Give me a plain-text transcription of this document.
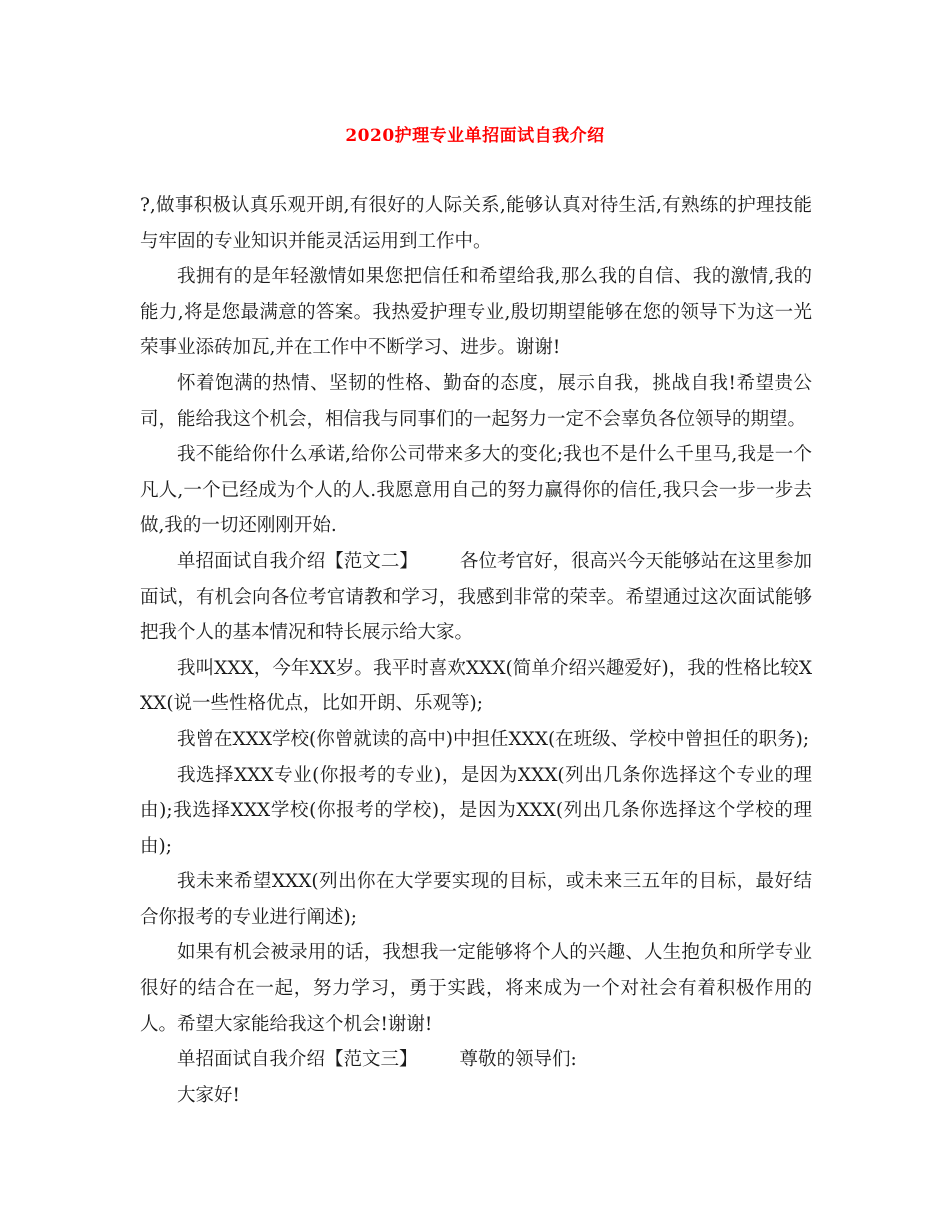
2020护理专业单招面试自我介绍

?,做事积极认真乐观开朗,有很好的人际关系,能够认真对待生活,有熟练的护理技能与牢固的专业知识并能灵活运用到工作中。

我拥有的是年轻激情如果您把信任和希望给我,那么我的自信、我的激情,我的能力,将是您最满意的答案。我热爱护理专业,殷切期望能够在您的领导下为这一光荣事业添砖加瓦,并在工作中不断学习、进步。谢谢!

怀着饱满的热情、坚韧的性格、勤奋的态度，展示自我，挑战自我!希望贵公司，能给我这个机会，相信我与同事们的一起努力一定不会辜负各位领导的期望。

我不能给你什么承诺,给你公司带来多大的变化;我也不是什么千里马,我是一个凡人,一个已经成为个人的人.我愿意用自己的努力赢得你的信任,我只会一步一步去做,我的一切还刚刚开始.

单招面试自我介绍【范文二】 各位考官好，很高兴今天能够站在这里参加面试，有机会向各位考官请教和学习，我感到非常的荣幸。希望通过这次面试能够把我个人的基本情况和特长展示给大家。

我叫XXX，今年XX岁。我平时喜欢XXX(简单介绍兴趣爱好)，我的性格比较XXX(说一些性格优点，比如开朗、乐观等);

我曾在XXX学校(你曾就读的高中)中担任XXX(在班级、学校中曾担任的职务);

我选择XXX专业(你报考的专业)，是因为XXX(列出几条你选择这个专业的理由);我选择XXX学校(你报考的学校)，是因为XXX(列出几条你选择这个学校的理由);

我未来希望XXX(列出你在大学要实现的目标，或未来三五年的目标，最好结合你报考的专业进行阐述);

如果有机会被录用的话，我想我一定能够将个人的兴趣、人生抱负和所学专业很好的结合在一起，努力学习，勇于实践，将来成为一个对社会有着积极作用的人。希望大家能给我这个机会!谢谢!

单招面试自我介绍【范文三】 尊敬的领导们:

大家好!
